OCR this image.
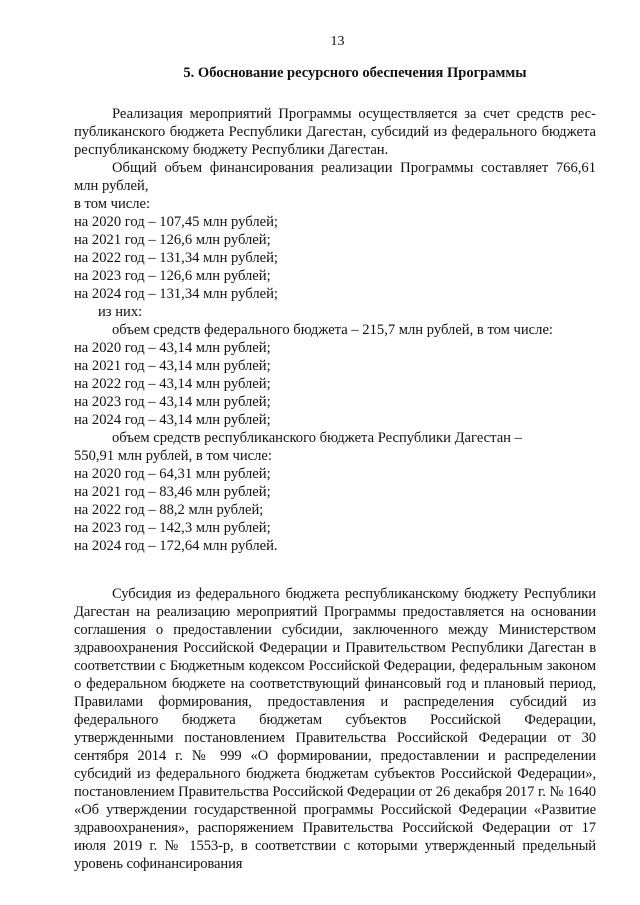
13
5. Обоснование ресурсного обеспечения Программы

Реализация мероприятий Программы осуществляется за счет средств республиканского бюджета Республики Дагестан, субсидий из федерального бюджета республиканскому бюджету Республики Дагестан.

Общий объем финансирования реализации Программы составляет 766,61 млн рублей,

в том числе:

на 2020 год – 107,45 млн рублей;

на 2021 год – 126,6 млн рублей;

на 2022 год – 131,34 млн рублей;

на 2023 год – 126,6 млн рублей;

на 2024 год – 131,34 млн рублей;

из них:

объем средств федерального бюджета – 215,7 млн рублей, в том числе:

на 2020 год – 43,14 млн рублей;

на 2021 год – 43,14 млн рублей;

на 2022 год – 43,14 млн рублей;

на 2023 год – 43,14 млн рублей;

на 2024 год – 43,14 млн рублей;

объем средств республиканского бюджета Республики Дагестан –

550,91 млн рублей, в том числе:

на 2020 год – 64,31 млн рублей;

на 2021 год – 83,46 млн рублей;

на 2022 год – 88,2 млн рублей;

на 2023 год – 142,3 млн рублей;

на 2024 год – 172,64 млн рублей.

Субсидия из федерального бюджета республиканскому бюджету Республики Дагестан на реализацию мероприятий Программы предоставляется на основании соглашения о предоставлении субсидии, заключенного между Министерством здравоохранения Российской Федерации и Правительством Республики Дагестан в соответствии с Бюджетным кодексом Российской Федерации, федеральным законом о федеральном бюджете на соответствующий финансовый год и плановый период, Правилами формирования, предоставления и распределения субсидий из федерального бюджета бюджетам субъектов Российской Федерации, утвержденными постановлением Правительства Российской Федерации от 30 сентября 2014 г. № 999 «О формировании, предоставлении и распределении субсидий из федерального бюджета бюджетам субъектов Российской Федерации», постановлением Правительства Российской Федерации от 26 декабря 2017 г. № 1640 «Об утверждении государственной программы Российской Федерации «Развитие здравоохранения», распоряжением Правительства Российской Федерации от 17 июля 2019 г. № 1553-р, в соответствии с которыми утвержденный предельный уровень софинансирования
